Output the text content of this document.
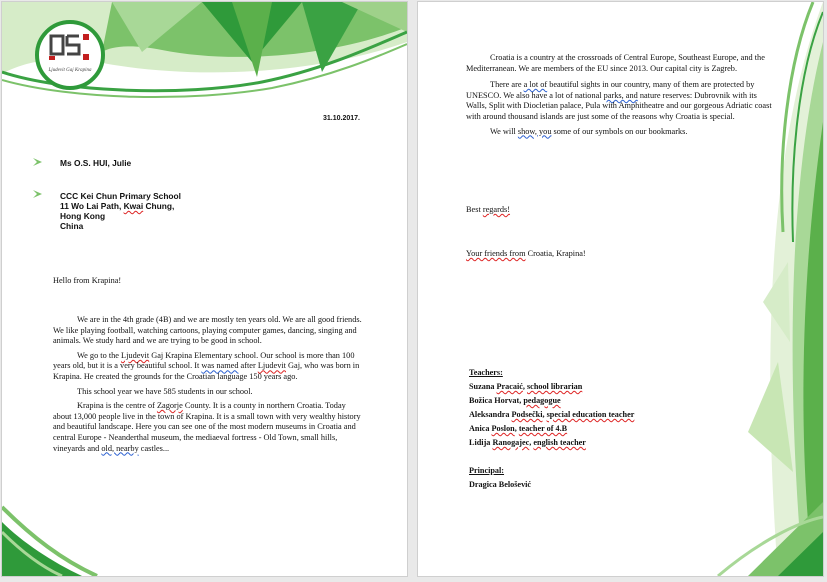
Ljudevit Gaj Krapina
31.10.2017.
Ms O.S. HUI, Julie
CCC Kei Chun Primary School
11 Wo Lai Path, Kwai Chung,
Hong Kong
China
Hello from Krapina!

We are in the 4th grade (4B) and we are mostly ten years old. We are all good friends. We like playing football, watching cartoons, playing computer games, dancing, singing and animals. We study hard and we are trying to be good in school.

We go to the Ljudevit Gaj Krapina Elementary school. Our school is more than 100 years old, but it is a very beautiful school. It was named after Ljudevit Gaj, who was born in Krapina. He created the grounds for the Croatian language 150 years ago.

This school year we have 585 students in our school.

Krapina is the centre of Zagorje County. It is a county in northern Croatia. Today about 13,000 people live in the town of Krapina. It is a small town with very wealthy history and beautiful landscape. Here you can see one of the most modern museums in Croatia and central Europe - Neanderthal museum, the mediaeval fortress - Old Town, small hills, vineyards and old, nearby castles...

Croatia is a country at the crossroads of Central Europe, Southeast Europe, and the Mediterranean. We are members of the EU since 2013. Our capital city is Zagreb.

There are a lot of beautiful sights in our country, many of them are protected by UNESCO. We also have a lot of national parks, and nature reserves: Dubrovnik with its Walls, Split with Diocletian palace, Pula with Amphitheatre and our gorgeous Adriatic coast with around thousand islands are just some of the reasons why Croatia is special.

We will show, you some of our symbols on our bookmarks.

Best regards!
Your friends from Croatia, Krapina!
Teachers:
Suzana Pracaić, school librarian
Božica Horvat, pedagogue
Aleksandra Podsečki, special education teacher
Anica Poslon, teacher of 4.B
Lidija Ranogajec, english teacher
Principal:
Dragica Belošević
